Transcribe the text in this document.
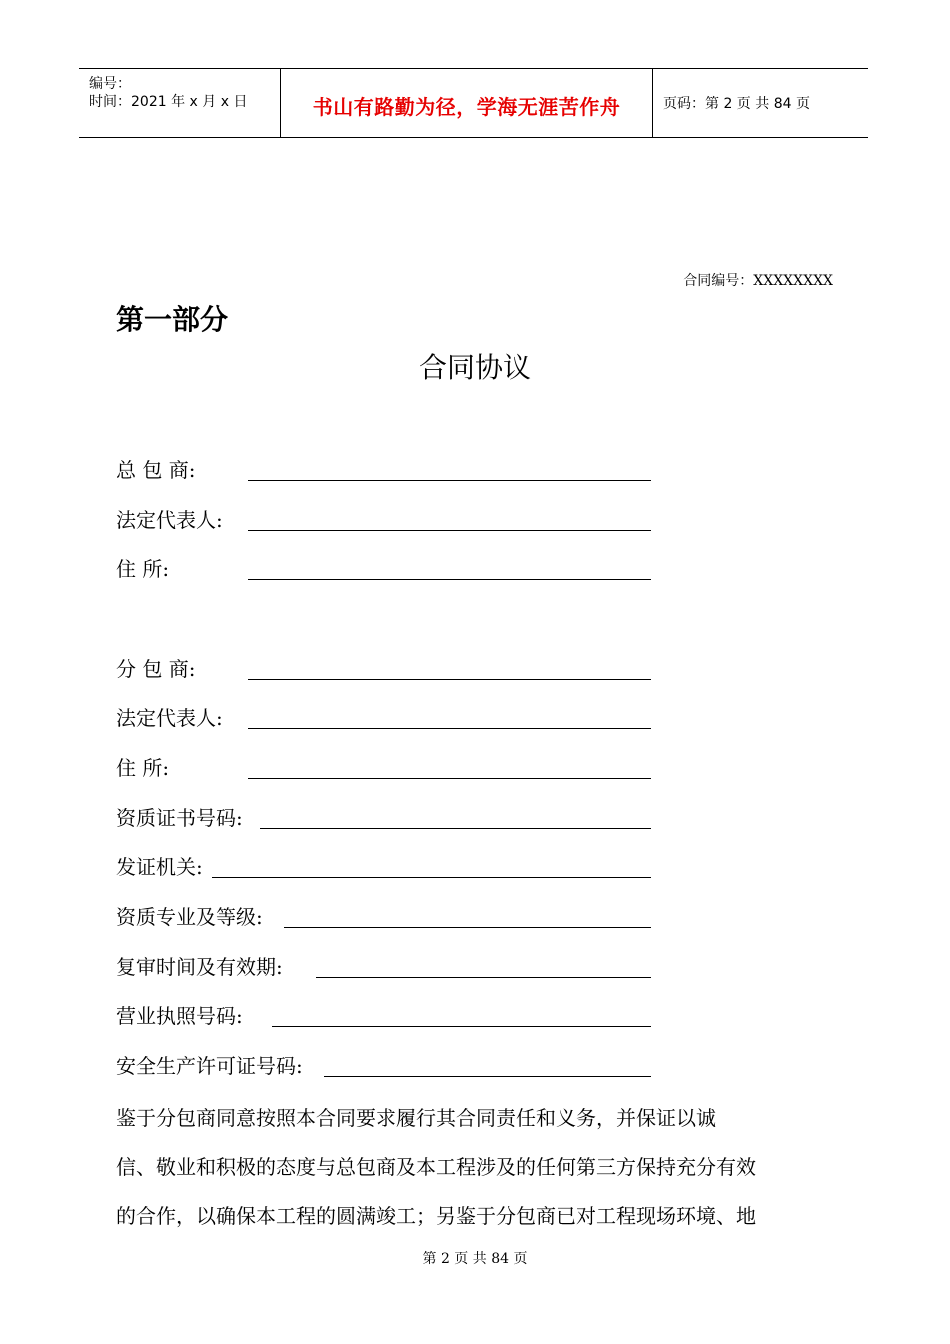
编号：
时间：2021 年 x 月 x 日	书山有路勤为径，学海无涯苦作舟	页码：第 2 页 共 84 页
合同编号：XXXXXXXX
第一部分
合同协议
总 包 商:
法定代表人:
住 所:
分 包 商:
法定代表人:
住 所:
资质证书号码:
发证机关:
资质专业及等级:
复审时间及有效期:
营业执照号码:
安全生产许可证号码:
鉴于分包商同意按照本合同要求履行其合同责任和义务，并保证以诚
信、敬业和积极的态度与总包商及本工程涉及的任何第三方保持充分有效
的合作，以确保本工程的圆满竣工；另鉴于分包商已对工程现场环境、地
第 2 页 共 84 页
